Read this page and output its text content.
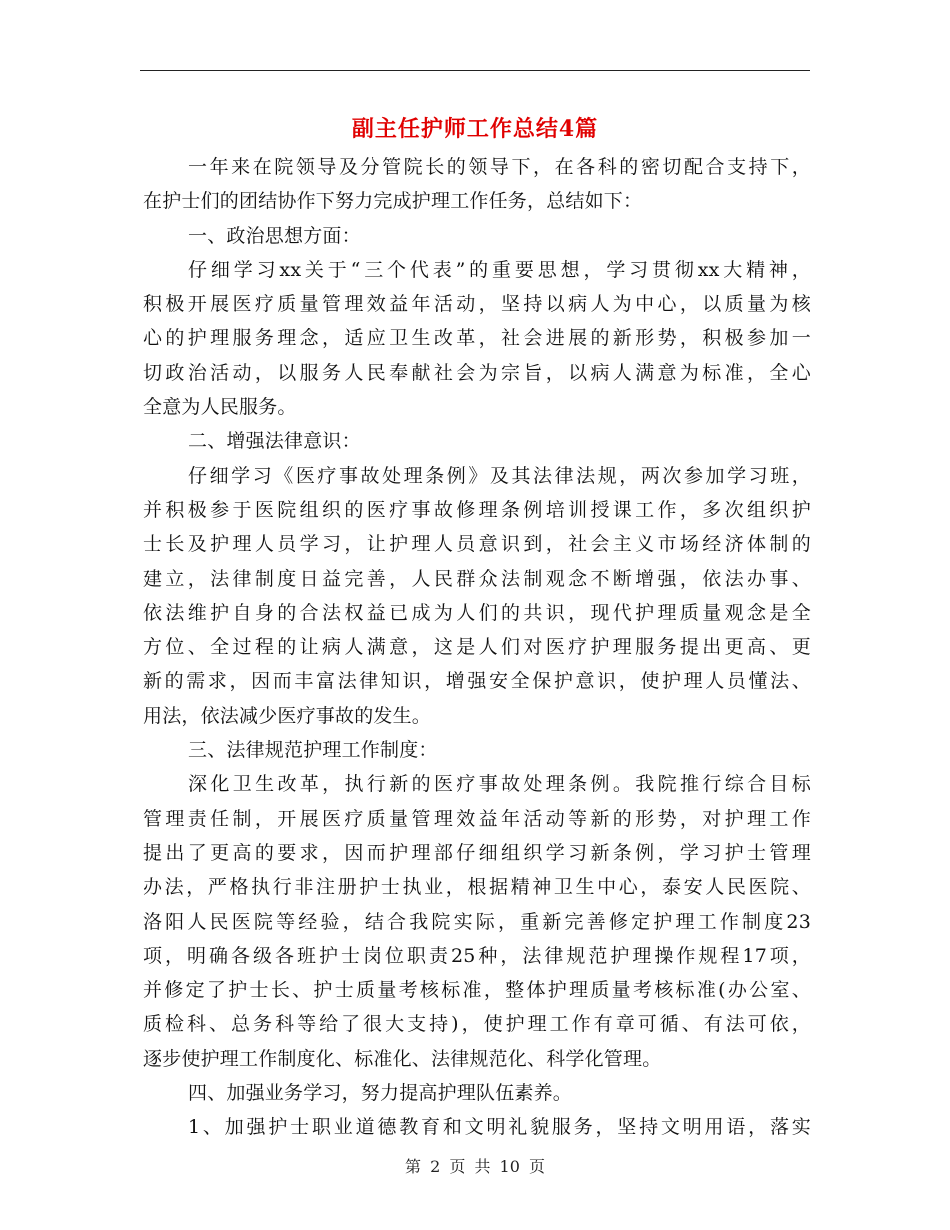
副主任护师工作总结4篇
一年来在院领导及分管院长的领导下，在各科的密切配合支持下，
在护士们的团结协作下努力完成护理工作任务，总结如下：
一、政治思想方面：
仔细学习xx关于“三个代表”的重要思想，学习贯彻xx大精神，
积极开展医疗质量管理效益年活动，坚持以病人为中心，以质量为核
心的护理服务理念，适应卫生改革，社会进展的新形势，积极参加一
切政治活动，以服务人民奉献社会为宗旨，以病人满意为标准，全心
全意为人民服务。
二、增强法律意识：
仔细学习《医疗事故处理条例》及其法律法规，两次参加学习班，
并积极参于医院组织的医疗事故修理条例培训授课工作，多次组织护
士长及护理人员学习，让护理人员意识到，社会主义市场经济体制的
建立，法律制度日益完善，人民群众法制观念不断增强，依法办事、
依法维护自身的合法权益已成为人们的共识，现代护理质量观念是全
方位、全过程的让病人满意，这是人们对医疗护理服务提出更高、更
新的需求，因而丰富法律知识，增强安全保护意识，使护理人员懂法、
用法，依法减少医疗事故的发生。
三、法律规范护理工作制度：
深化卫生改革，执行新的医疗事故处理条例。我院推行综合目标
管理责任制，开展医疗质量管理效益年活动等新的形势，对护理工作
提出了更高的要求，因而护理部仔细组织学习新条例，学习护士管理
办法，严格执行非注册护士执业，根据精神卫生中心，泰安人民医院、
洛阳人民医院等经验，结合我院实际，重新完善修定护理工作制度23
项，明确各级各班护士岗位职责25种，法律规范护理操作规程17项，
并修定了护士长、护士质量考核标准，整体护理质量考核标准(办公室、
质检科、总务科等给了很大支持)，使护理工作有章可循、有法可依，
逐步使护理工作制度化、标准化、法律规范化、科学化管理。
四、加强业务学习，努力提高护理队伍素养。
1、加强护士职业道德教育和文明礼貌服务，坚持文明用语，落实
第 2 页 共 10 页
